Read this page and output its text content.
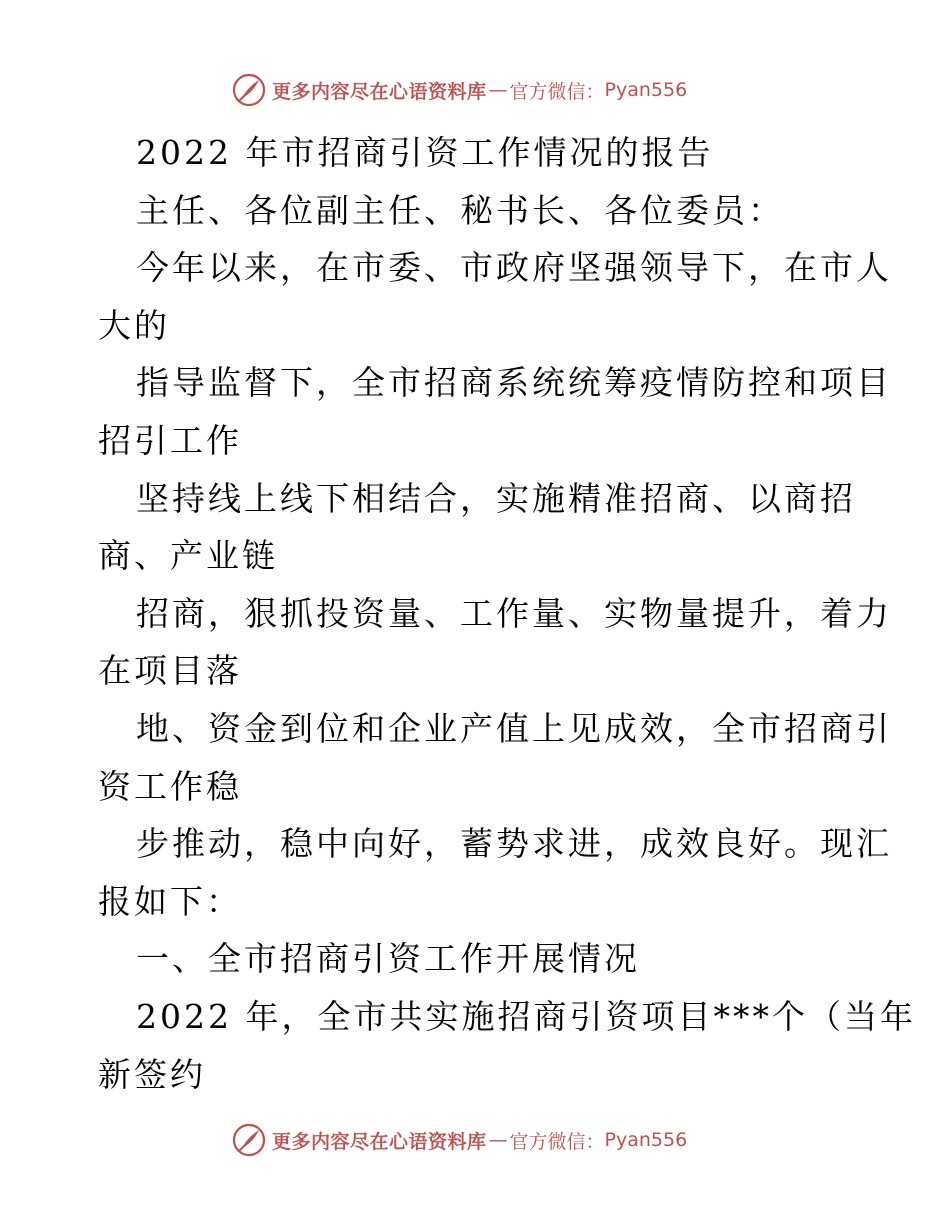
更多内容尽在心语资料库 — 官方微信： Pyan556
2022 年市招商引资工作情况的报告
主任、各位副主任、秘书长、各位委员：
今年以来，在市委、市政府坚强领导下，在市人
大的
指导监督下，全市招商系统统筹疫情防控和项目
招引工作
坚持线上线下相结合，实施精准招商、以商招
商、产业链
招商，狠抓投资量、工作量、实物量提升，着力
在项目落
地、资金到位和企业产值上见成效，全市招商引
资工作稳
步推动，稳中向好，蓄势求进，成效良好。现汇
报如下：
一、全市招商引资工作开展情况
2022 年，全市共实施招商引资项目***个（当年
新签约
更多内容尽在心语资料库 — 官方微信： Pyan556
